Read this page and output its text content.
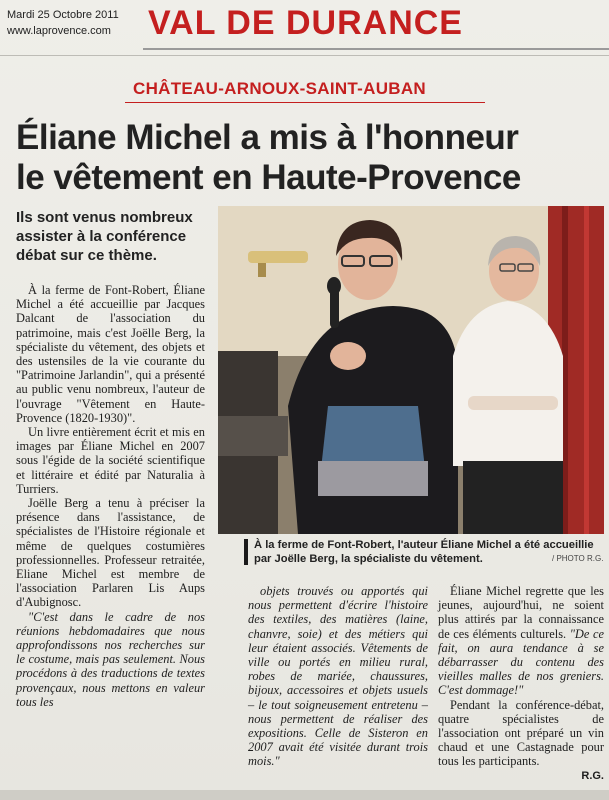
Mardi 25 Octobre 2011
www.laprovence.com VAL DE DURANCE
CHÂTEAU-ARNOUX-SAINT-AUBAN
Éliane Michel a mis à l'honneur
le vêtement en Haute-Provence
Ils sont venus nombreux assister à la conférence débat sur ce thème.

À la ferme de Font-Robert, Éliane Michel a été accueillie par Jacques Dalcant de l'association du patrimoine, mais c'est Joëlle Berg, la spécialiste du vêtement, des objets et des ustensiles de la vie courante du "Patrimoine Jarlandin", qui a présenté au public venu nombreux, l'auteur de l'ouvrage "Vêtement en Haute-Provence (1820-1930)".

Un livre entièrement écrit et mis en images par Éliane Michel en 2007 sous l'égide de la société scientifique et littéraire et édité par Naturalia à Turriers.

Joëlle Berg a tenu à préciser la présence dans l'assistance, de spécialistes de l'Histoire régionale et même de quelques costumières professionnelles. Professeur retraitée, Eliane Michel est membre de l'association Parlaren Lis Aups d'Aubignosc.

"C'est dans le cadre de nos réunions hebdomadaires que nous approfondissons nos recherches sur le costume, mais pas seulement. Nous procédons à des traductions de textes provençaux, nous mettons en valeur tous les

À la ferme de Font-Robert, l'auteur Éliane Michel a été accueillie par Joëlle Berg, la spécialiste du vêtement.	/ PHOTO R.G.

objets trouvés ou apportés qui nous permettent d'écrire l'histoire des textiles, des matières (laine, chanvre, soie) et des métiers qui leur étaient associés. Vêtements de ville ou portés en milieu rural, robes de mariée, chaussures, bijoux, accessoires et objets usuels – le tout soigneusement entretenu – nous permettent de réaliser des expositions. Celle de Sisteron en 2007 avait été visitée durant trois mois."

Éliane Michel regrette que les jeunes, aujourd'hui, ne soient plus attirés par la connaissance de ces éléments culturels. "De ce fait, on aura tendance à se débarrasser du contenu des vieilles malles de nos greniers. C'est dommage!"

Pendant la conférence-débat, quatre spécialistes de l'association ont préparé un vin chaud et une Castagnade pour tous les participants.

R.G.
